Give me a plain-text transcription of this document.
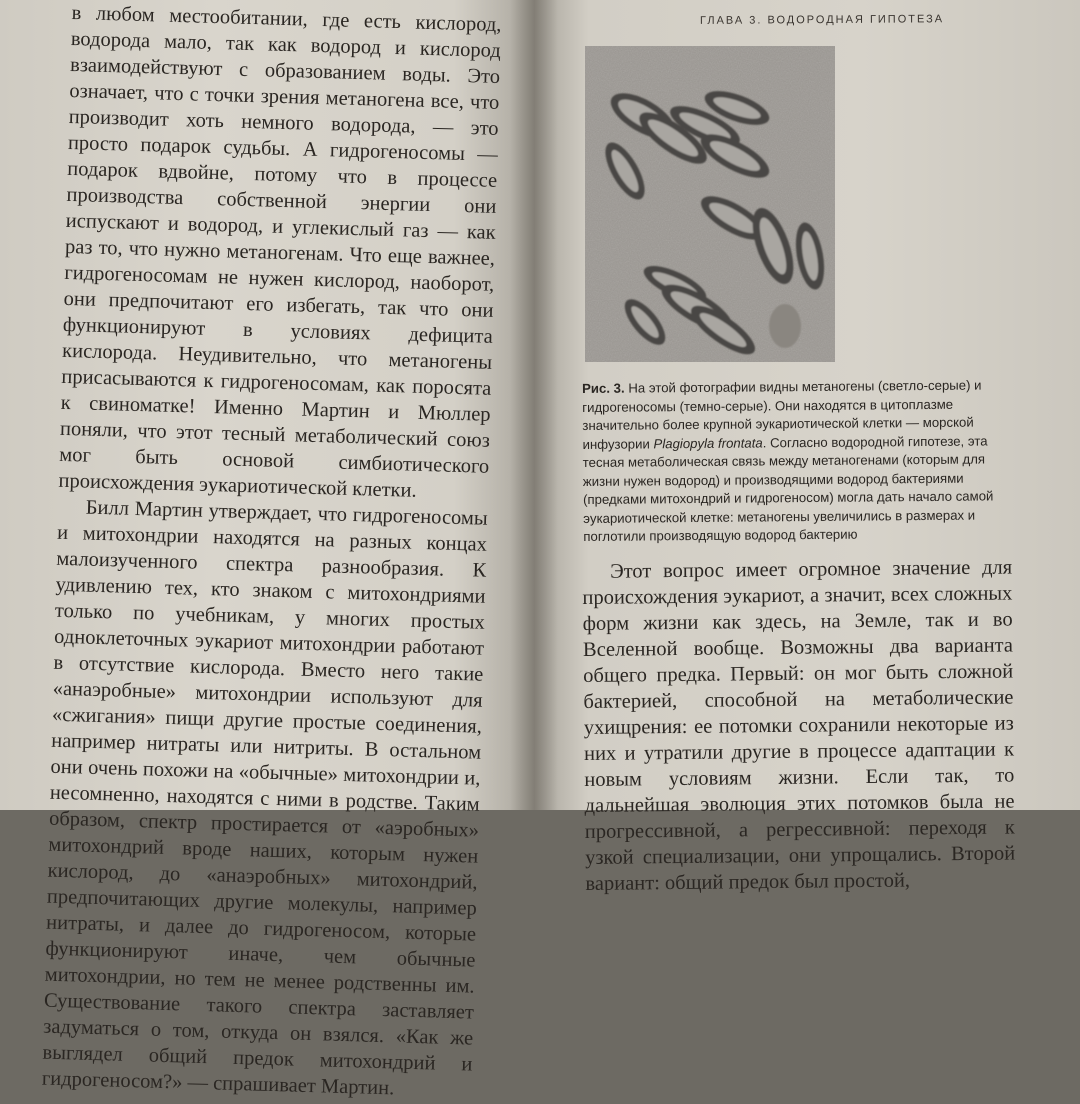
в любом местообитании, где есть кислород, водорода мало, так как водород и кислород взаимодействуют с образованием воды. Это означает, что с точки зрения метаногена все, что производит хоть немного водорода, — это просто подарок судьбы. А гидрогеносомы — подарок вдвойне, потому что в процессе производства собственной энергии они испускают и водород, и углекислый газ — как раз то, что нужно метаногенам. Что еще важнее, гидрогеносомам не нужен кислород, наоборот, они предпочитают его избегать, так что они функционируют в условиях дефицита кислорода. Неудивительно, что метаногены присасываются к гидрогеносомам, как поросята к свиноматке! Именно Мартин и Мюллер поняли, что этот тесный метаболический союз мог быть основой симбиотического происхождения эукариотической клетки.

Билл Мартин утверждает, что гидрогеносомы и митохондрии находятся на разных концах малоизученного спектра разнообразия. К удивлению тех, кто знаком с митохондриями только по учебникам, у многих простых одноклеточных эукариот митохондрии работают в отсутствие кислорода. Вместо него такие «анаэробные» митохондрии используют для «сжигания» пищи другие простые соединения, например нитраты или нитриты. В остальном они очень похожи на «обычные» митохондрии и, несомненно, находятся с ними в родстве. Таким образом, спектр простирается от «аэробных» митохондрий вроде наших, которым нужен кислород, до «анаэробных» митохондрий, предпочитающих другие молекулы, например нитраты, и далее до гидрогеносом, которые функционируют иначе, чем обычные митохондрии, но тем не менее родственны им. Существование такого спектра заставляет задуматься о том, откуда он взялся. «Как же выглядел общий предок митохондрий и гидрогеносом?» — спрашивает Мартин.

ГЛАВА 3. ВОДОРОДНАЯ ГИПОТЕЗА
Рис. 3. На этой фотографии видны метаногены (светло-серые) и гидрогеносомы (темно-серые). Они находятся в цитоплазме значительно более крупной эукариотической клетки — морской инфузории Plagiopyla frontata. Согласно водородной гипотезе, эта тесная метаболическая связь между метаногенами (которым для жизни нужен водород) и производящими водород бактериями (предками митохондрий и гидрогеносом) могла дать начало самой эукариотической клетке: метаногены увеличились в размерах и поглотили производящую водород бактерию

Этот вопрос имеет огромное значение для происхождения эукариот, а значит, всех сложных форм жизни как здесь, на Земле, так и во Вселенной вообще. Возможны два варианта общего предка. Первый: он мог быть сложной бактерией, способной на метаболические ухищрения: ее потомки сохранили некоторые из них и утратили другие в процессе адаптации к новым условиям жизни. Если так, то дальнейшая эволюция этих потомков была не прогрессивной, а регрессивной: переходя к узкой специализации, они упрощались. Второй вариант: общий предок был простой,
